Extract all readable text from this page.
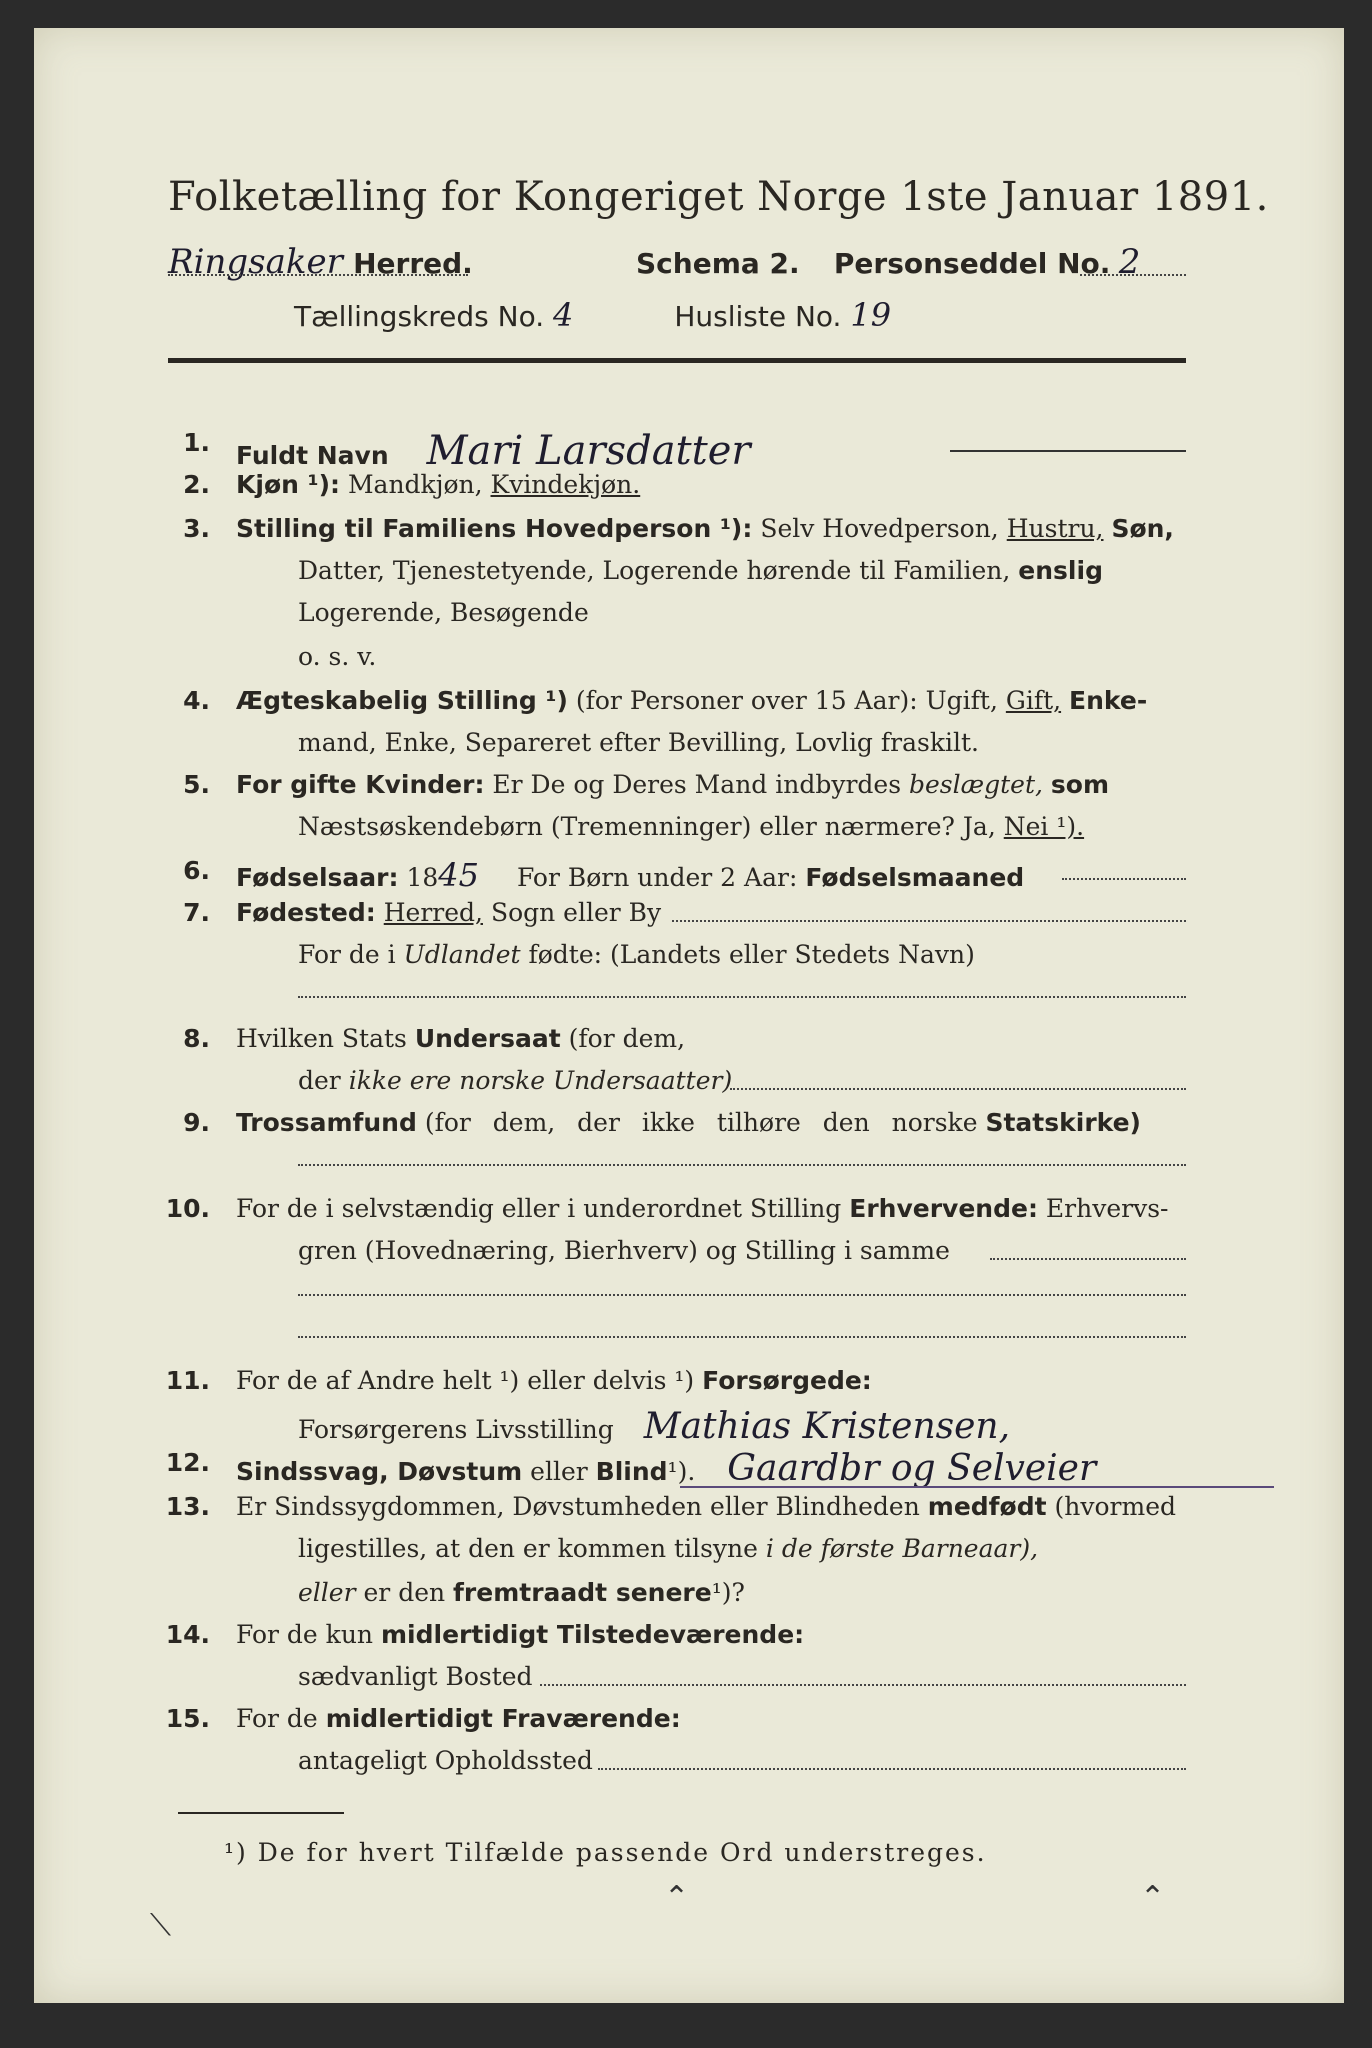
Folketælling for Kongeriget Norge 1ste Januar 1891.
Ringsaker Herred.	Schema 2. Personseddel No. 2
Tællingskreds No. 4	Husliste No. 19
1. Fuldt Navn Mari Larsdatter
2. Kjøn ¹): Mandkjøn, Kvindekjøn.
3. Stilling til Familiens Hovedperson ¹): Selv Hovedperson, Hustru, Søn,
Datter, Tjenestetyende, Logerende hørende til Familien, enslig
Logerende, Besøgende
o. s. v.
4. Ægteskabelig Stilling ¹) (for Personer over 15 Aar): Ugift, Gift, Enke-
mand, Enke, Separeret efter Bevilling, Lovlig fraskilt.
5. For gifte Kvinder: Er De og Deres Mand indbyrdes beslægtet, som
Næstsøskendebørn (Tremenninger) eller nærmere? Ja, Nei ¹).
6. Fødselsaar: 1845 For Børn under 2 Aar: Fødselsmaaned
7. Fødested: Herred, Sogn eller By
For de i Udlandet fødte: (Landets eller Stedets Navn)
8. Hvilken Stats Undersaat (for dem,
der ikke ere norske Undersaatter)
9. Trossamfund (for dem, der ikke tilhøre den norske Statskirke)
10. For de i selvstændig eller i underordnet Stilling Erhvervende: Erhvervs-
gren (Hovednæring, Bierhverv) og Stilling i samme
11. For de af Andre helt ¹) eller delvis ¹) Forsørgede:
Forsørgerens Livsstilling Mathias Kristensen,
12. Sindssvag, Døvstum eller Blind¹). Gaardbr og Selveier
13. Er Sindssygdommen, Døvstumheden eller Blindheden medfødt (hvormed
ligestilles, at den er kommen tilsyne i de første Barneaar),
eller er den fremtraadt senere¹)?
14. For de kun midlertidigt Tilstedeværende:
sædvanligt Bosted
15. For de midlertidigt Fraværende:
antageligt Opholdssted
¹) De for hvert Tilfælde passende Ord understreges.
⟍
⌃	⌃
